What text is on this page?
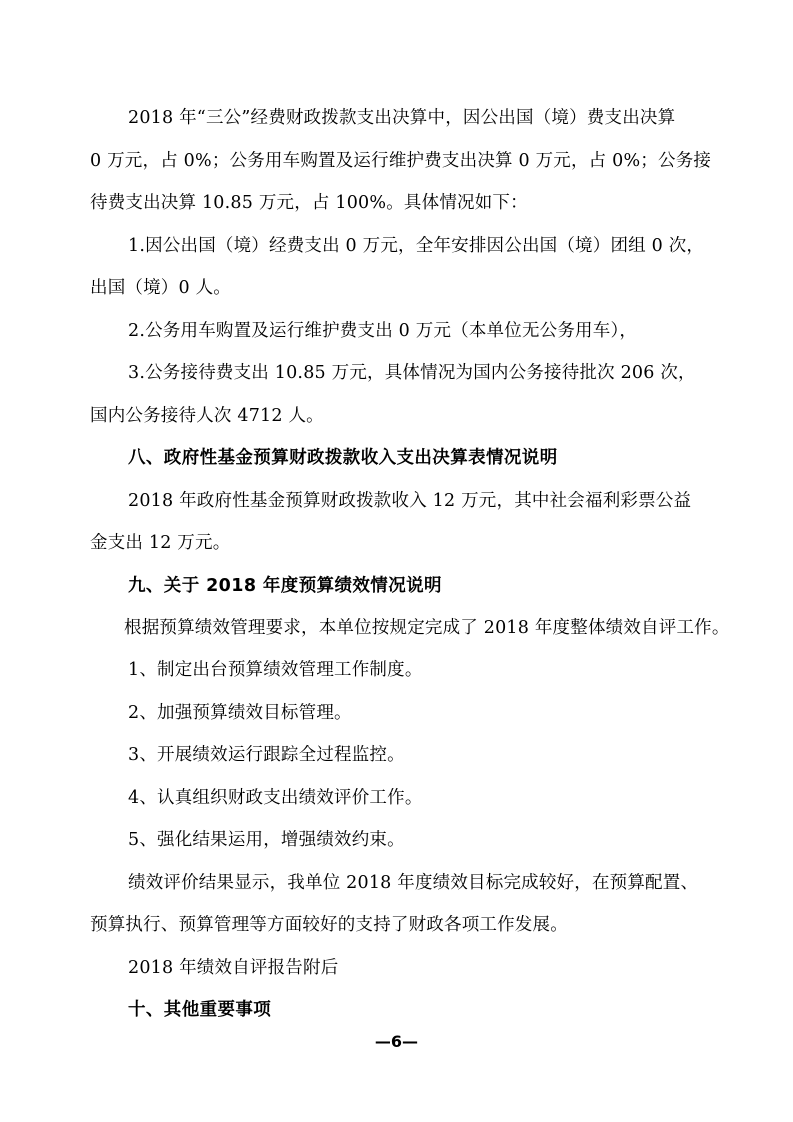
2018 年“三公”经费财政拨款支出决算中，因公出国（境）费支出决算
0 万元，占 0%；公务用车购置及运行维护费支出决算 0 万元，占 0%；公务接
待费支出决算 10.85 万元，占 100%。具体情况如下：
1.因公出国（境）经费支出 0 万元，全年安排因公出国（境）团组 0 次，
出国（境）0 人。
2.公务用车购置及运行维护费支出 0 万元（本单位无公务用车），
3.公务接待费支出 10.85 万元，具体情况为国内公务接待批次 206 次，
国内公务接待人次 4712 人。
八、政府性基金预算财政拨款收入支出决算表情况说明
2018 年政府性基金预算财政拨款收入 12 万元，其中社会福利彩票公益
金支出 12 万元。
九、关于 2018 年度预算绩效情况说明
根据预算绩效管理要求，本单位按规定完成了 2018 年度整体绩效自评工作。
1、制定出台预算绩效管理工作制度。
2、加强预算绩效目标管理。
3、开展绩效运行跟踪全过程监控。
4、认真组织财政支出绩效评价工作。
5、强化结果运用，增强绩效约束。
绩效评价结果显示，我单位 2018 年度绩效目标完成较好，在预算配置、
预算执行、预算管理等方面较好的支持了财政各项工作发展。
2018 年绩效自评报告附后
十、其他重要事项
—6—
